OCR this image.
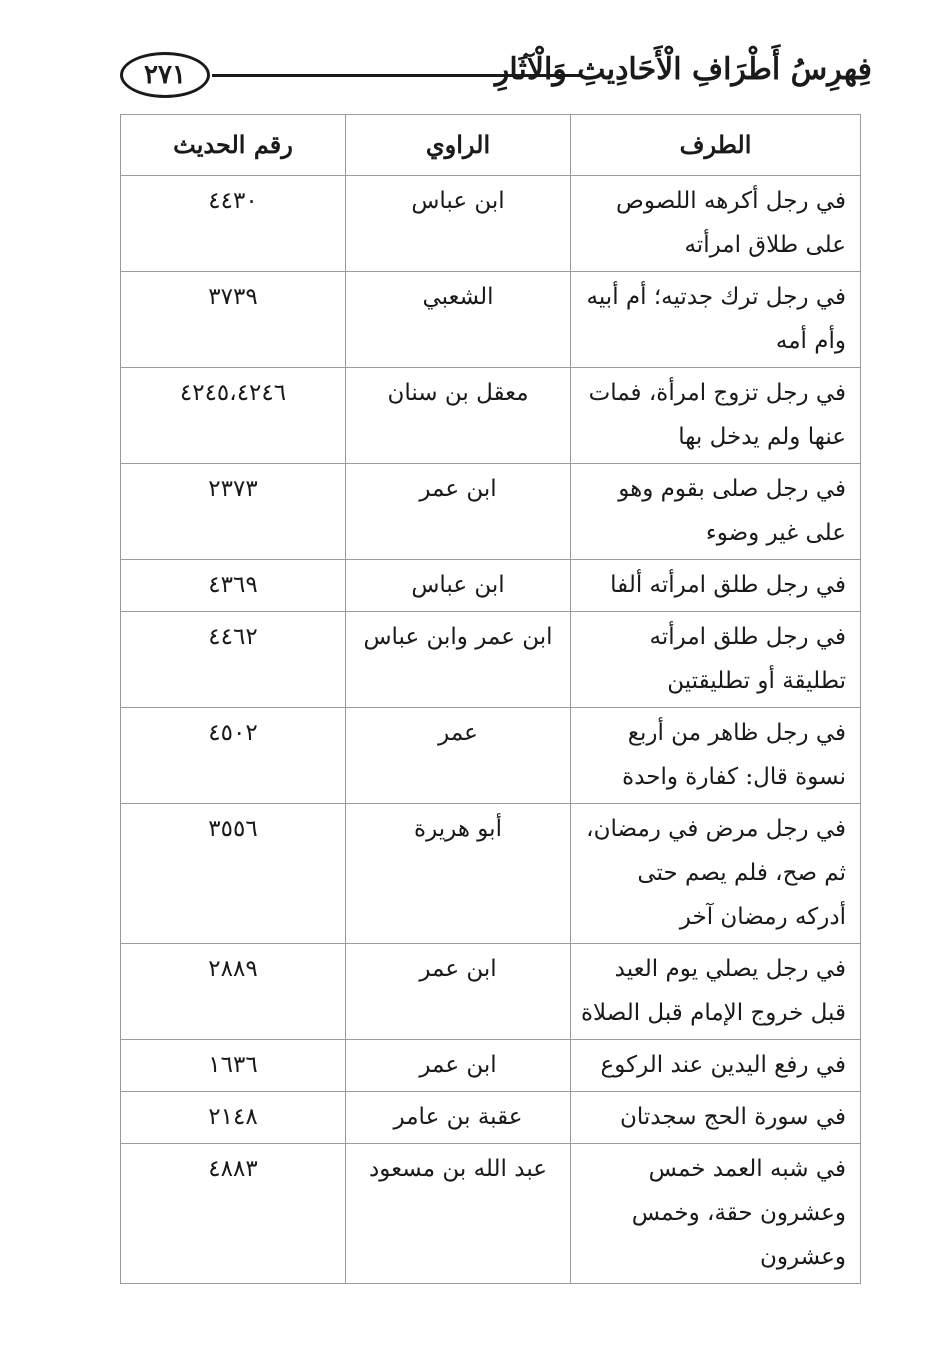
فِهرِسُ أَطْرَافِ الْأَحَادِيثِ وَالْآثَارِ
٢٧١
الطرف	الراوي	رقم الحديث
في رجل أكرهه اللصوص على طلاق امرأته	ابن عباس	٤٤٣٠
في رجل ترك جدتيه؛ أم أبيه وأم أمه	الشعبي	٣٧٣٩
في رجل تزوج امرأة، فمات عنها ولم يدخل بها	معقل بن سنان	٤٢٤٥،٤٢٤٦
في رجل صلى بقوم وهو على غير وضوء	ابن عمر	٢٣٧٣
في رجل طلق امرأته ألفا	ابن عباس	٤٣٦٩
في رجل طلق امرأته تطليقة أو تطليقتين	ابن عمر وابن عباس	٤٤٦٢
في رجل ظاهر من أربع نسوة قال: كفارة واحدة	عمر	٤٥٠٢
في رجل مرض في رمضان، ثم صح، فلم يصم حتى أدركه رمضان آخر	أبو هريرة	٣٥٥٦
في رجل يصلي يوم العيد قبل خروج الإمام قبل الصلاة	ابن عمر	٢٨٨٩
في رفع اليدين عند الركوع	ابن عمر	١٦٣٦
في سورة الحج سجدتان	عقبة بن عامر	٢١٤٨
في شبه العمد خمس وعشرون حقة، وخمس وعشرون	عبد الله بن مسعود	٤٨٨٣
